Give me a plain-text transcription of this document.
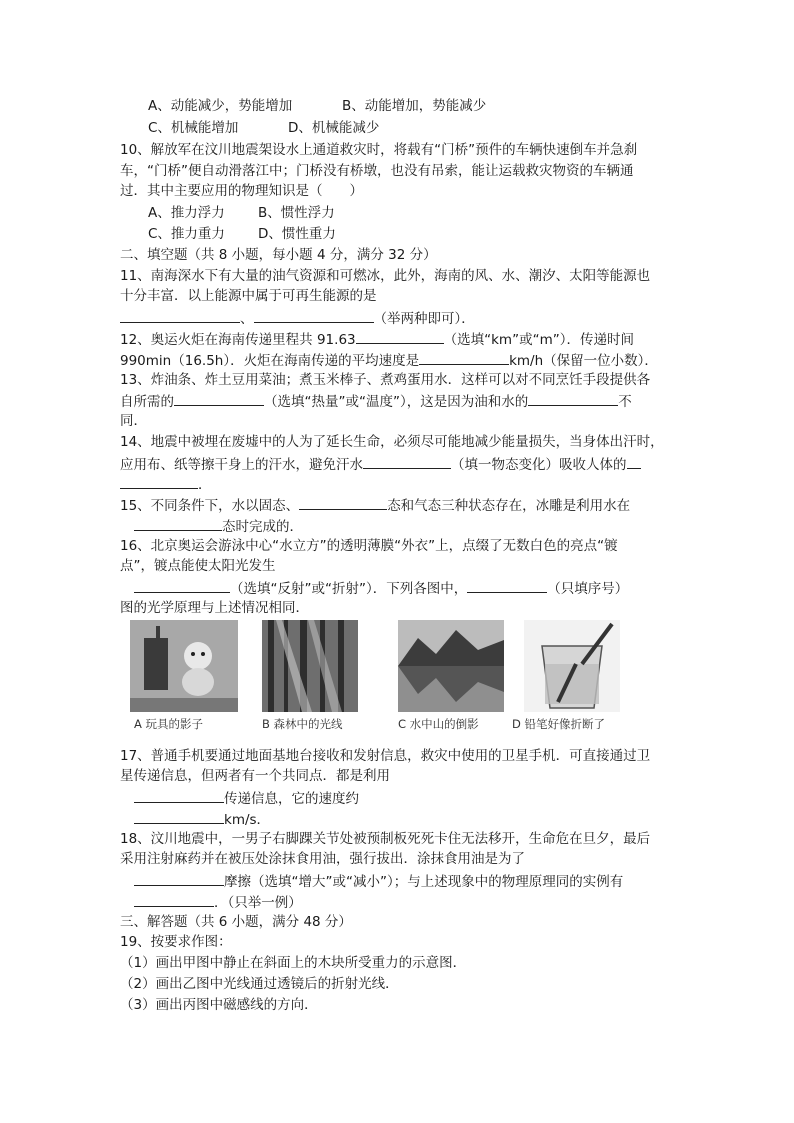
A、动能减少，势能增加	B、动能增加，势能减少
C、机械能增加	D、机械能减少
10、解放军在汶川地震架设水上通道救灾时，将载有“门桥”预件的车辆快速倒车并急刹
车，“门桥”便自动滑落江中；门桥没有桥墩，也没有吊索，能让运载救灾物资的车辆通
过．其中主要应用的物理知识是（　　）
A、推力浮力 B、惯性浮力
C、推力重力 D、惯性重力
二、填空题（共 8 小题，每小题 4 分，满分 32 分）
11、南海深水下有大量的油气资源和可燃冰，此外，海南的风、水、潮汐、太阳等能源也
十分丰富．以上能源中属于可再生能源的是
、	（举两种即可）．
12、奥运火炬在海南传递里程共 91.63	（选填“km”或“m”）．传递时间
990min（16.5h）．火炬在海南传递的平均速度是	km/h（保留一位小数）．
13、炸油条、炸土豆用菜油；煮玉米棒子、煮鸡蛋用水．这样可以对不同烹饪手段提供各
自所需的	（选填“热量”或“温度”），这是因为油和水的	不
同．
14、地震中被埋在废墟中的人为了延长生命，必须尽可能地减少能量损失，当身体出汗时，
应用布、纸等擦干身上的汗水，避免汗水	（填一物态变化）吸收人体的
．
15、不同条件下，水以固态、	态和气态三种状态存在，冰雕是利用水在
态时完成的．
16、北京奥运会游泳中心“水立方”的透明薄膜“外衣”上，点缀了无数白色的亮点“镀
点”，镀点能使太阳光发生
（选填“反射”或“折射”）．下列各图中，	（只填序号）
图的光学原理与上述情况相同．
A 玩具的影子	B 森林中的光线	C 水中山的倒影	D 铅笔好像折断了
17、普通手机要通过地面基地台接收和发射信息，救灾中使用的卫星手机．可直接通过卫
星传递信息，但两者有一个共同点．都是利用
传递信息，它的速度约
km/s．
18、汶川地震中，一男子右脚踝关节处被预制板死死卡住无法移开，生命危在旦夕，最后
采用注射麻药并在被压处涂抹食用油，强行拔出．涂抹食用油是为了
摩擦（选填“增大”或“减小”）；与上述现象中的物理原理同的实例有
．（只举一例）
三、解答题（共 6 小题，满分 48 分）
19、按要求作图：
（1）画出甲图中静止在斜面上的木块所受重力的示意图．
（2）画出乙图中光线通过透镜后的折射光线．
（3）画出丙图中磁感线的方向．
